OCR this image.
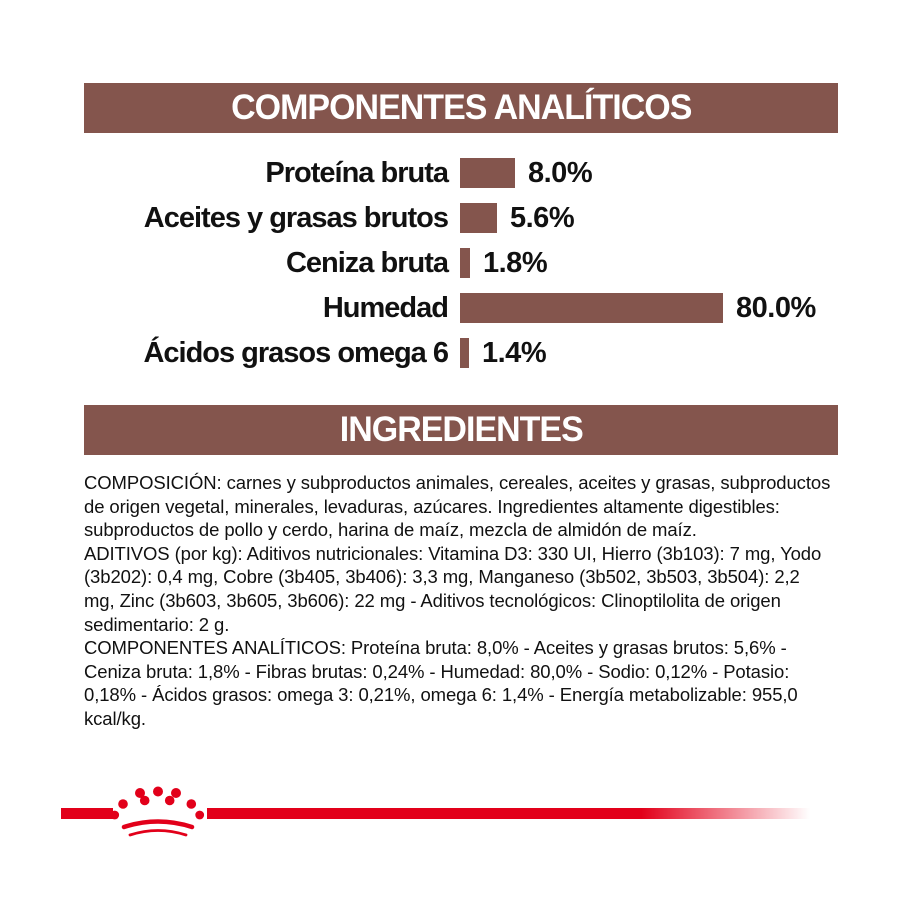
COMPONENTES ANALÍTICOS
Proteína bruta	8.0%
Aceites y grasas brutos 5.6%
Ceniza bruta 1.8%
Humedad	80.0%
Ácidos grasos omega 6 1.4%
INGREDIENTES

COMPOSICIÓN: carnes y subproductos animales, cereales, aceites y grasas, subproductos de origen vegetal, minerales, levaduras, azúcares. Ingredientes altamente digestibles: subproductos de pollo y cerdo, harina de maíz, mezcla de almidón de maíz.

ADITIVOS (por kg): Aditivos nutricionales: Vitamina D3: 330 UI, Hierro (3b103): 7 mg, Yodo (3b202): 0,4 mg, Cobre (3b405, 3b406): 3,3 mg, Manganeso (3b502, 3b503, 3b504): 2,2 mg, Zinc (3b603, 3b605, 3b606): 22 mg - Aditivos tecnológicos: Clinoptilolita de origen sedimentario: 2 g.

COMPONENTES ANALÍTICOS: Proteína bruta: 8,0% - Aceites y grasas brutos: 5,6% - Ceniza bruta: 1,8% - Fibras brutas: 0,24% - Humedad: 80,0% - Sodio: 0,12% - Potasio: 0,18% - Ácidos grasos: omega 3: 0,21%, omega 6: 1,4% - Energía metabolizable: 955,0 kcal/kg.
